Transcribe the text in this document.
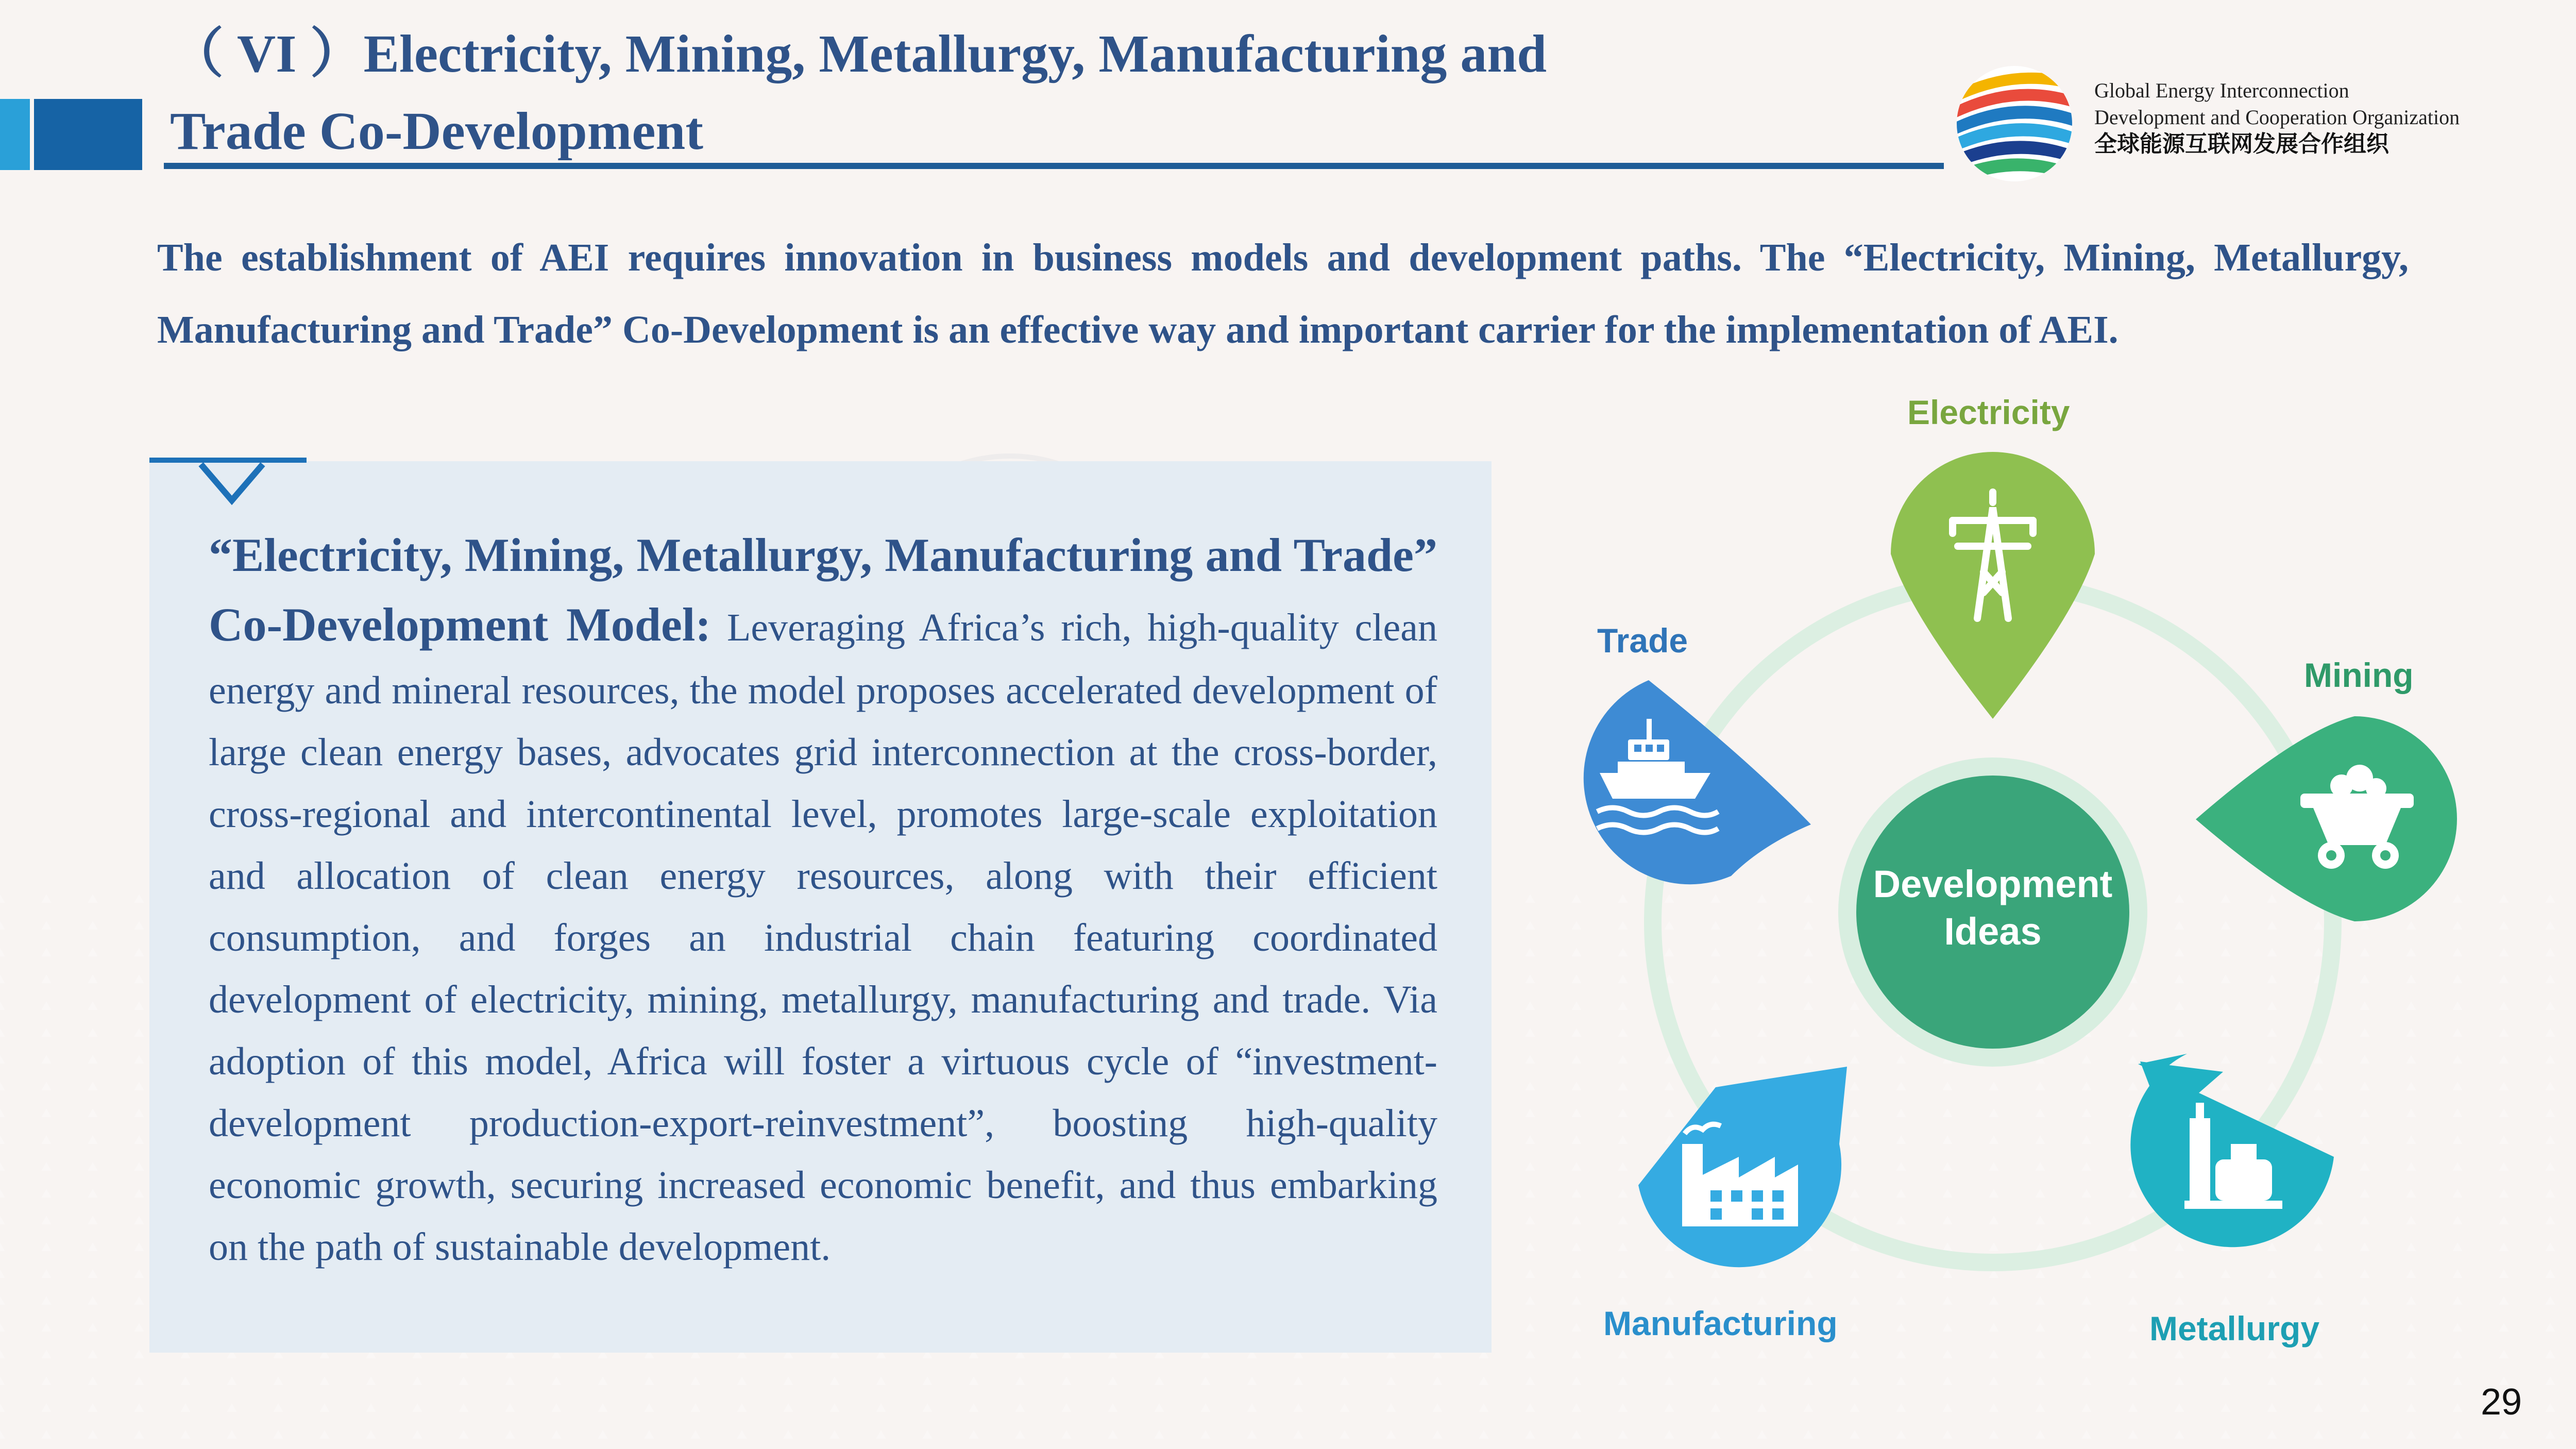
（ VI ）Electricity, Mining, Metallurgy, Manufacturing and
Trade Co-Development
Global Energy Interconnection
Development and Cooperation Organization
全球能源互联网发展合作组织
The establishment of AEI requires innovation in business models and development paths. The “Electricity, Mining, Metallurgy, Manufacturing and Trade” Co-Development is an effective way and important carrier for the implementation of AEI.
“Electricity, Mining, Metallurgy, Manufacturing and Trade” Co-Development Model: Leveraging Africa’s rich, high-quality clean energy and mineral resources, the model proposes accelerated development of large clean energy bases, advocates grid interconnection at the cross-border, cross-regional and intercontinental level, promotes large-scale exploitation and allocation of clean energy resources, along with their efficient consumption, and forges an industrial chain featuring coordinated development of electricity, mining, metallurgy, manufacturing and trade. Via adoption of this model, Africa will foster a virtuous cycle of “investment-development production-export-reinvestment”, boosting high-quality economic growth, securing increased economic benefit, and thus embarking on the path of sustainable development.
Development
Ideas
Electricity
Mining
Metallurgy
Manufacturing
Trade
29
